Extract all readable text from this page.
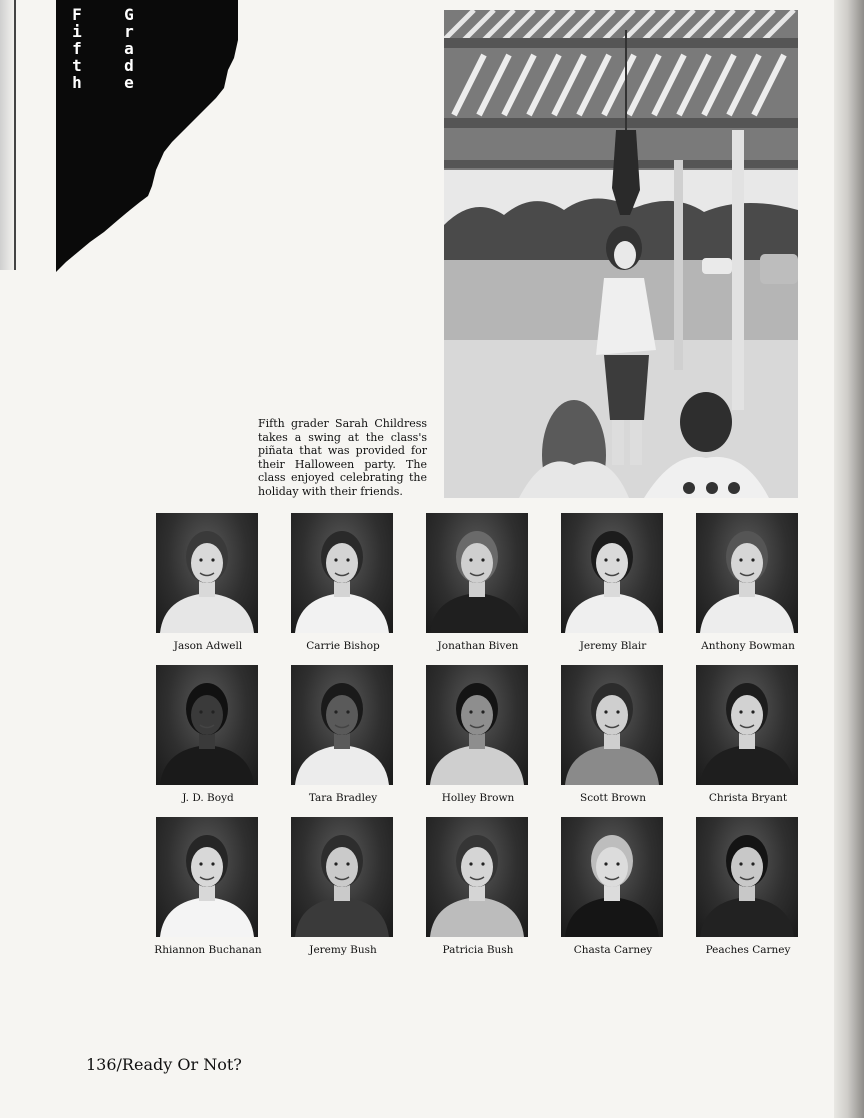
Fifth
Grade
Fifth grader Sarah Childress takes a swing at the class's piñata that was provided for their Halloween party. The class enjoyed celebrating the holiday with their friends.
Jason Adwell	Carrie Bishop	Jonathan Biven	Jeremy Blair	Anthony Bowman
J. D. Boyd	Tara Bradley	Holley Brown	Scott Brown	Christa Bryant
Rhiannon Buchanan	Jeremy Bush	Patricia Bush	Chasta Carney	Peaches Carney
136/Ready Or Not?
